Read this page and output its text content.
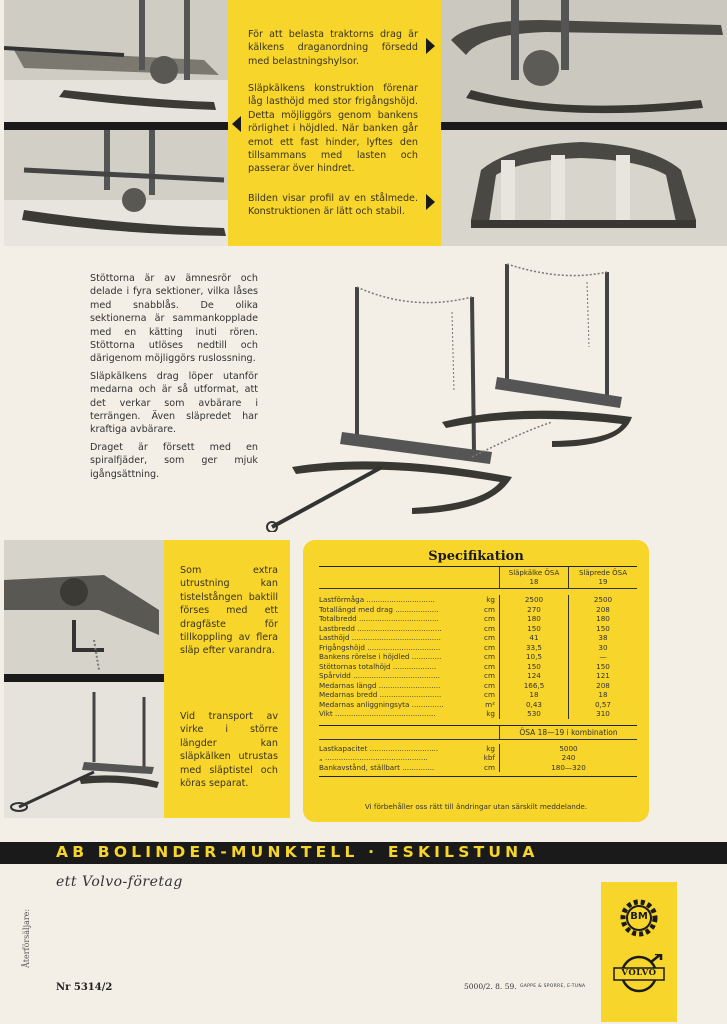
För att belasta traktorns drag är kälkens draganordning försedd med belastningshylsor.
Släpkälkens konstruktion förenar låg lasthöjd med stor frigångshöjd. Detta möjliggörs genom bankens rörlighet i höjdled. När banken går emot ett fast hinder, lyftes den tillsammans med lasten och passerar över hindret.
Bilden visar profil av en stålmede. Konstruktionen är lätt och stabil.

Stöttorna är av ämnesrör och delade i fyra sektioner, vilka låses med snabblås. De olika sektionerna är sammankopplade med en kätting inuti rören. Stöttorna utlöses nedtill och därigenom möjliggörs ruslossning.

Släpkälkens drag löper utanför medarna och är så utformat, att det verkar som avbärare i terrängen. Även släpredet har kraftiga avbärare.

Draget är försett med en spiralfjäder, som ger mjuk igångsättning.

Som extra utrustning kan tistelstången baktill förses med ett dragfäste för tillkoppling av flera släp efter varandra.
Vid transport av virke i större längder kan släpkälken utrustas med släptistel och köras separat.
Specifikation
Släpkälke ÖSA 18
Släprede ÖSA 19
Lastförmåga ..............................	kg	2500	2500
Totallängd med drag ...................	cm	270	208
Totalbredd ...................................	cm	180	180
Lastbredd .....................................	cm	150	150
Lasthöjd .......................................	cm	41	38
Frigångshöjd ................................	cm	33,5	30
Bankens rörelse i höjdled .............	cm	10,5	—
Stöttornas totalhöjd ...................	cm	150	150
Spårvidd ......................................	cm	124	121
Medarnas längd ...........................	cm	166,5	208
Medarnas bredd ...........................	cm	18	18
Medarnas anliggningsyta ..............	m²	0,43	0,57
Vikt ............................................	kg	530	310
ÖSA 18—19 i kombination
Lastkapacitet ..............................	kg	5000
„ .............................................	kbf	240
Bankavstånd, ställbart ..............	cm	180—320
Vi förbehåller oss rätt till ändringar utan särskilt meddelande.
AB BOLINDER-MUNKTELL · ESKILSTUNA
ett Volvo-företag
Återförsäljare:
Nr 5314/2	5000/2. 8. 59. GAPPE & SPORRE, E-TUNA
BM
VOLVO
